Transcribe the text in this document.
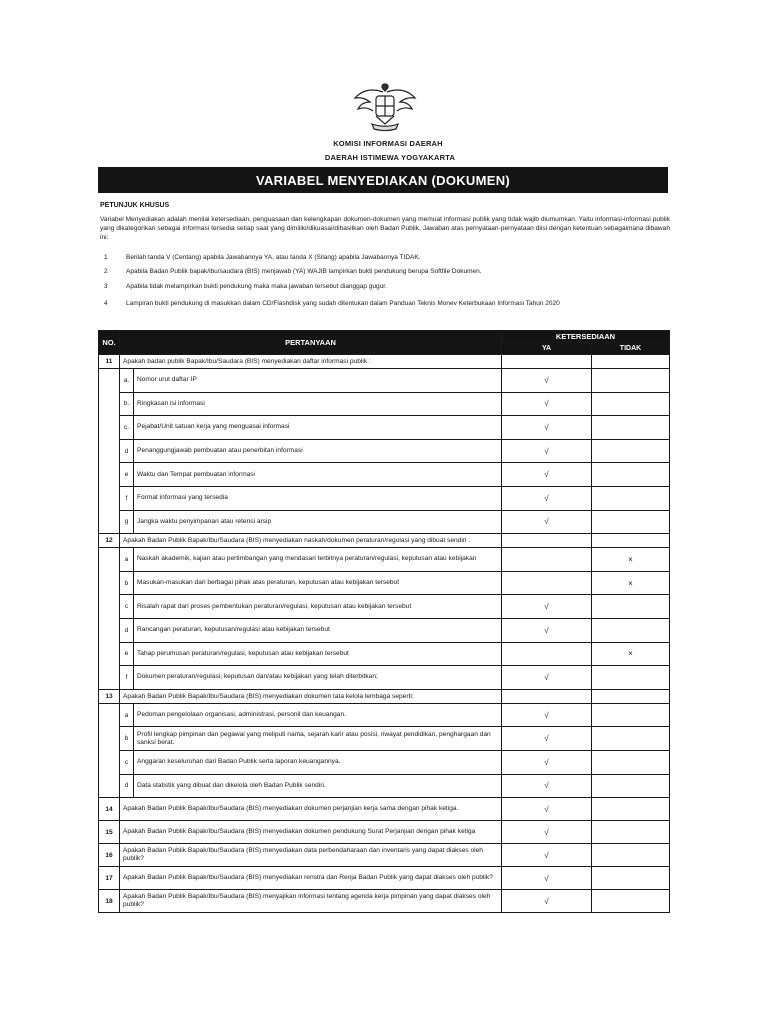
KOMISI INFORMASI DAERAH
DAERAH ISTIMEWA YOGYAKARTA
VARIABEL MENYEDIAKAN (DOKUMEN)
PETUNJUK KHUSUS
Variabel Menyediakan adalah menilai ketersediaan, penguasaan dan kelengkapan dokumen-dokumen yang memuat informasi publik yang tidak wajib diumumkan. Yaitu informasi-informasi publik yang dikategorikan sebagai informasi tersedia setiap saat yang dimiliki/dikuasai/dihasilkan oleh Badan Publik. Jawaban atas pernyataan-pernyataan diisi dengan ketentuan sebagaimana dibawah ini:
1	Berilah tanda V (Centang) apabila Jawabannya YA, atau tanda X (Silang) apabila Jawabannya TIDAK.
2	Apabila Badan Publik bapak/ibu/saudara (BIS) menjawab (YA) WAJIB lampirkan bukti pendukung berupa Softfile Dokumen.
3	Apabila tidak melampirkan bukti pendukung maka maka jawaban tersebut dianggap gugur.
4	Lampiran bukti pendukung di masukkan dalam CD/Flashdisk yang sudah ditentukan dalam Panduan Teknis Monev Keterbukaan Informasi Tahun 2020
NO.	PERTANYAAN		KETERSEDIAAN	
			YA	TIDAK
11	Apakah badan publik Bapak/Ibu/Saudara (BIS) menyediakan daftar informasi publik :			
	a.	Nomor urut daftar IP	√	
	b.	Ringkasan isi informasi	√	
	c.	Pejabat/Unit satuan kerja yang menguasai informasi	√	
	d	Penanggungjawab pembuatan atau penerbitan informasi	√	
	e	Waktu dan Tempat pembuatan informasi	√	
	f	Format informasi yang tersedia	√	
	g	Jangka waktu penyimpanan atau retensi arsip	√	
12	Apakah Badan Publik Bapak/Ibu/Saudara (BIS) menyediakan naskah/dokumen peraturan/regulasi yang dibuat sendiri :			
	a	Naskah akademik, kajian atau pertimbangan yang mendasari terbitnya peraturan/regulasi, keputusan atau kebijakan		×
	b	Masukan-masukan dari berbagai pihak atas peraturan, keputusan atau kebijakan tersebut		×
	c	Risalah rapat dari proses pembentukan peraturan/regulasi, keputusan atau kebijakan tersebut	√	
	d	Rancangan peraturan, keputusan/regulasi atau kebijakan tersebut	√	
	e	Tahap perumusan peraturan/regulasi, keputusan atau kebijakan tersebut		×
	f	Dokumen peraturan/regulasi, keputusan dan/atau kebijakan yang telah diterbitkan;	√	
13	Apakah Badan Publik Bapak/Ibu/Saudara (BIS) menyediakan dokumen tata kelola lembaga seperti:			
	a	Pedoman pengelolaan organisasi, administrasi, personil dan keuangan.	√	
	b	Profil lengkap pimpinan dan pegawai yang meliputi nama, sejarah karir atau posisi, riwayat pendidikan, penghargaan dan sanksi berat.	√	
	c	Anggaran keseluruhan dari Badan Publik serta laporan keuangannya.	√	
	d	Data statistik yang dibuat dan dikelola oleh Badan Publik sendiri.	√	
14	Apakah Badan Publik Bapak/Ibu/Saudara (BIS) menyediakan dokumen perjanjian kerja sama dengan pihak ketiga.		√	
15	Apakah Badan Publik Bapak/Ibu/Saudara (BIS) menyediakan dokumen pendukung Surat Perjanjian dengan pihak ketiga		√	
16	Apakah Badan Publik Bapak/Ibu/Saudara (BIS) menyediakan data perbendaharaan dan inventaris yang dapat diakses oleh publik?		√	
17	Apakah Badan Publik Bapak/Ibu/Saudara (BIS) menyediakan renstra dan Renja Badan Publik yang dapat diakses oleh publik?		√	
18	Apakah Badan Publik Bapak/Ibu/Saudara (BIS) menyajikan informasi tentang agenda kerja pimpinan yang dapat diakses oleh publik?		√	
